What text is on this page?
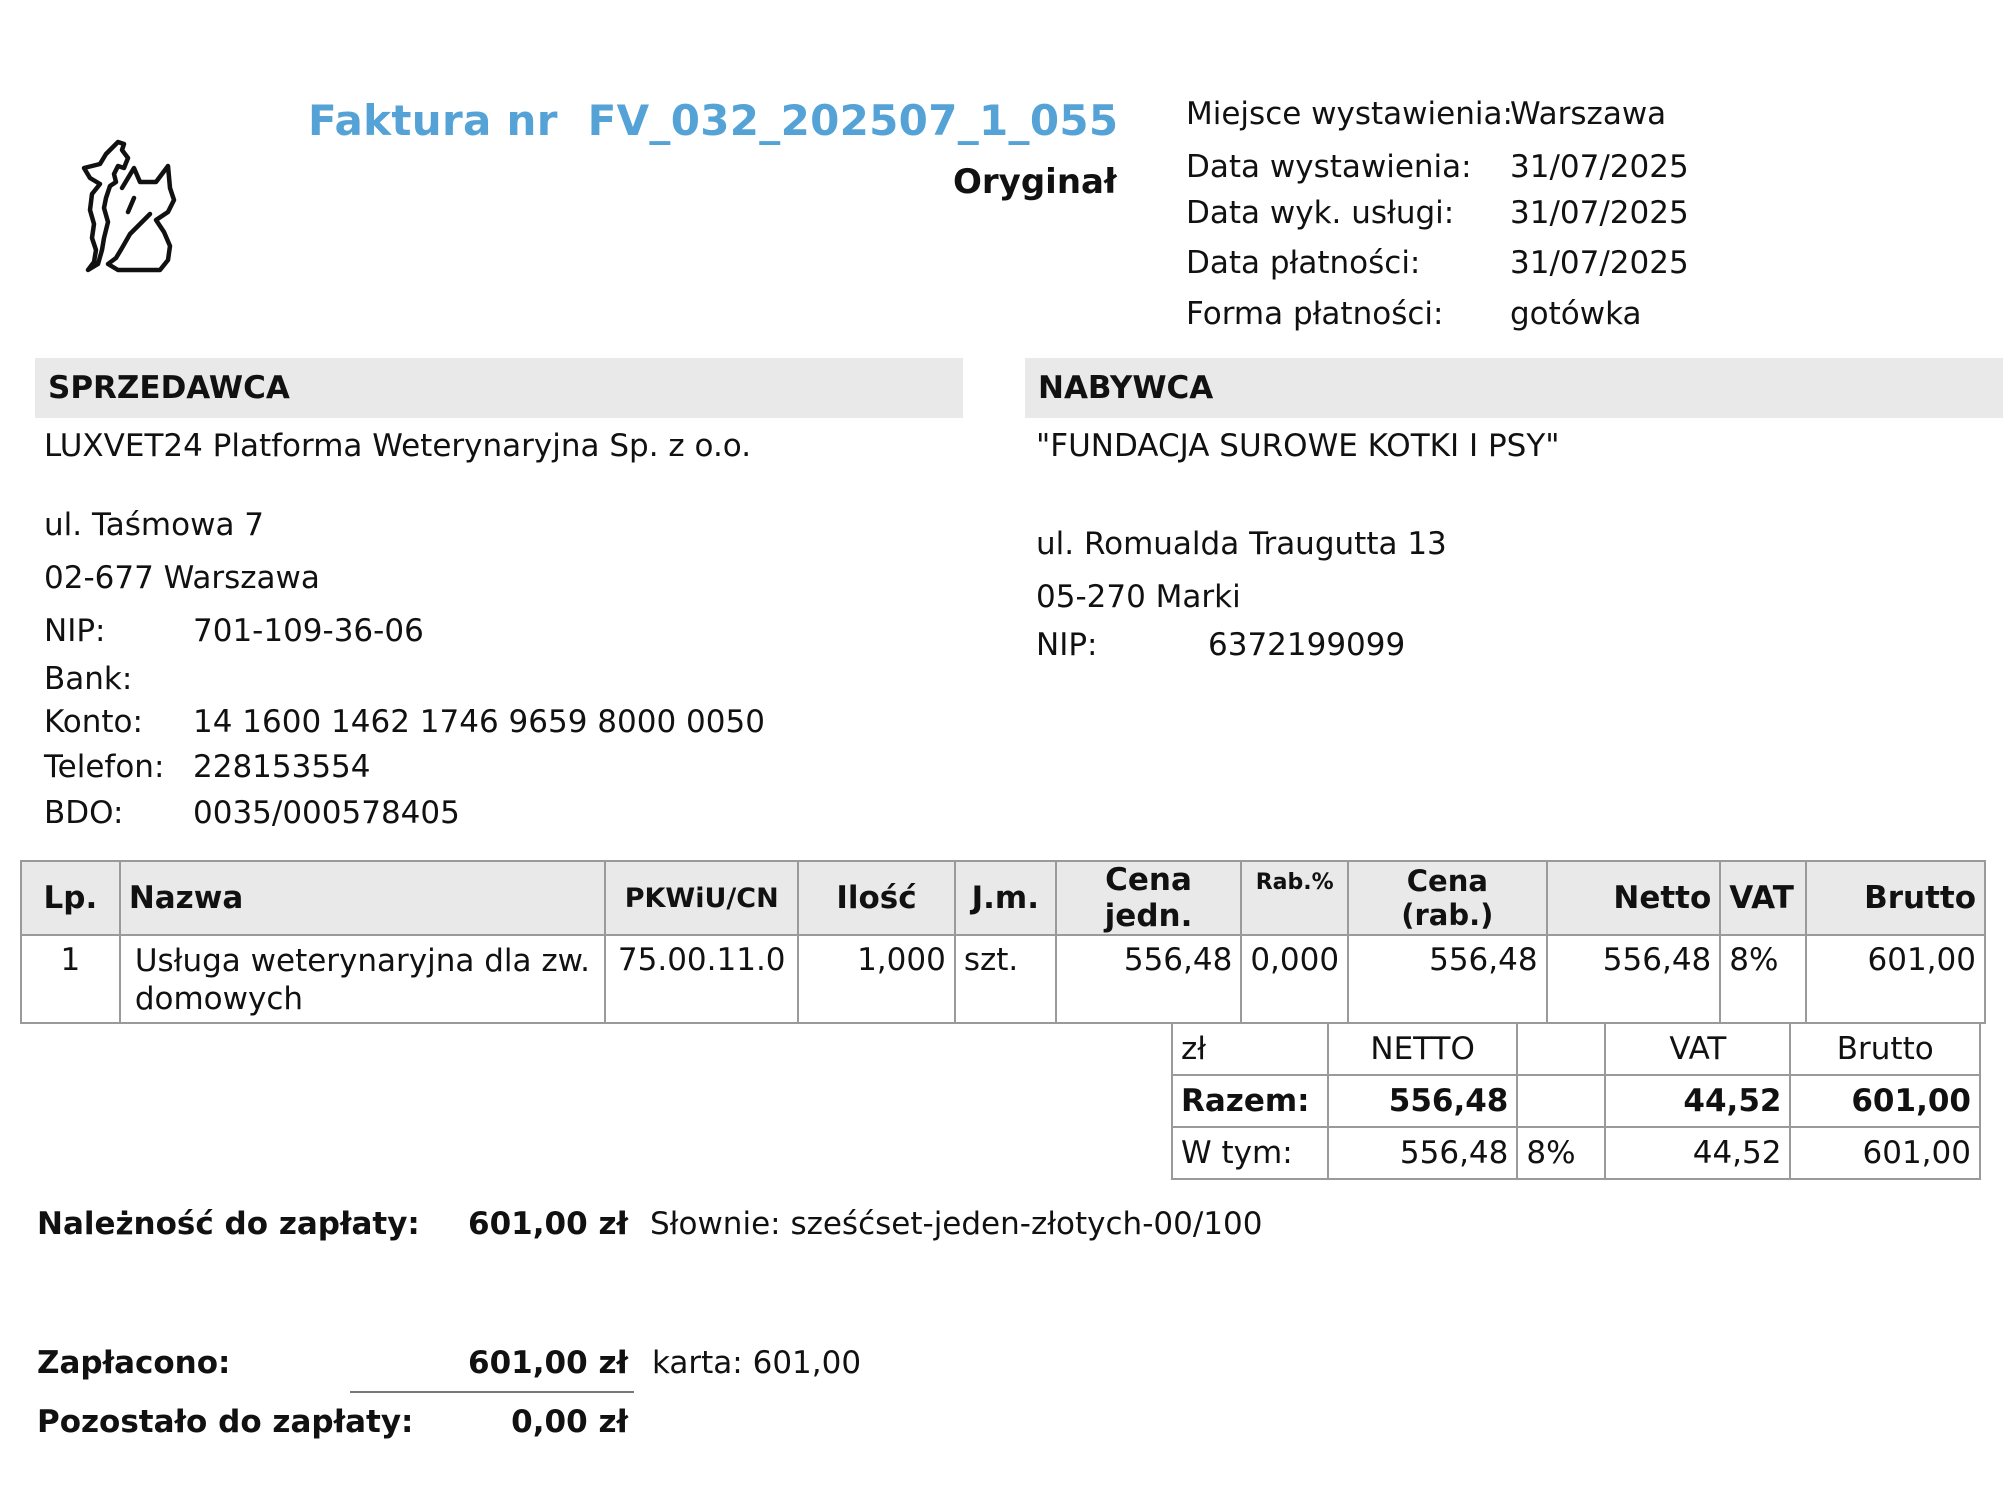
Faktura nr  FV_032_202507_1_055
Oryginał
Miejsce wystawienia:
Warszawa
Data wystawienia: 31/07/2025
Data wyk. usługi: 31/07/2025
Data płatności:	31/07/2025
Forma płatności: gotówka
SPRZEDAWCA
LUXVET24 Platforma Weterynaryjna Sp. z o.o.
ul. Taśmowa 7
02-677 Warszawa
NIP:	701-109-36-06
Bank:
Konto: 14 1600 1462 1746 9659 8000 0050
Telefon: 228153554
BDO: 0035/000578405
NABYWCA
"FUNDACJA SUROWE KOTKI I PSY"
ul. Romualda Traugutta 13
05-270 Marki
NIP:	6372199099
Lp.	Nazwa	PKWiU/CN	Ilość	J.m.	Cena jedn.	Rab.%	Cena (rab.)	Netto	VAT	Brutto
1	Usługa weterynaryjna dla zw.
domowych	75.00.11.0	1,000	szt.	556,48	0,000	556,48	556,48	8%	601,00
zł	NETTO		VAT	Brutto
Razem:	556,48		44,52	601,00
W tym:	556,48	8%	44,52	601,00
Należność do zapłaty: 601,00 zł Słownie: sześćset-jeden-złotych-00/100
Zapłacono:	601,00 zł karta: 601,00
Pozostało do zapłaty:	0,00 zł
